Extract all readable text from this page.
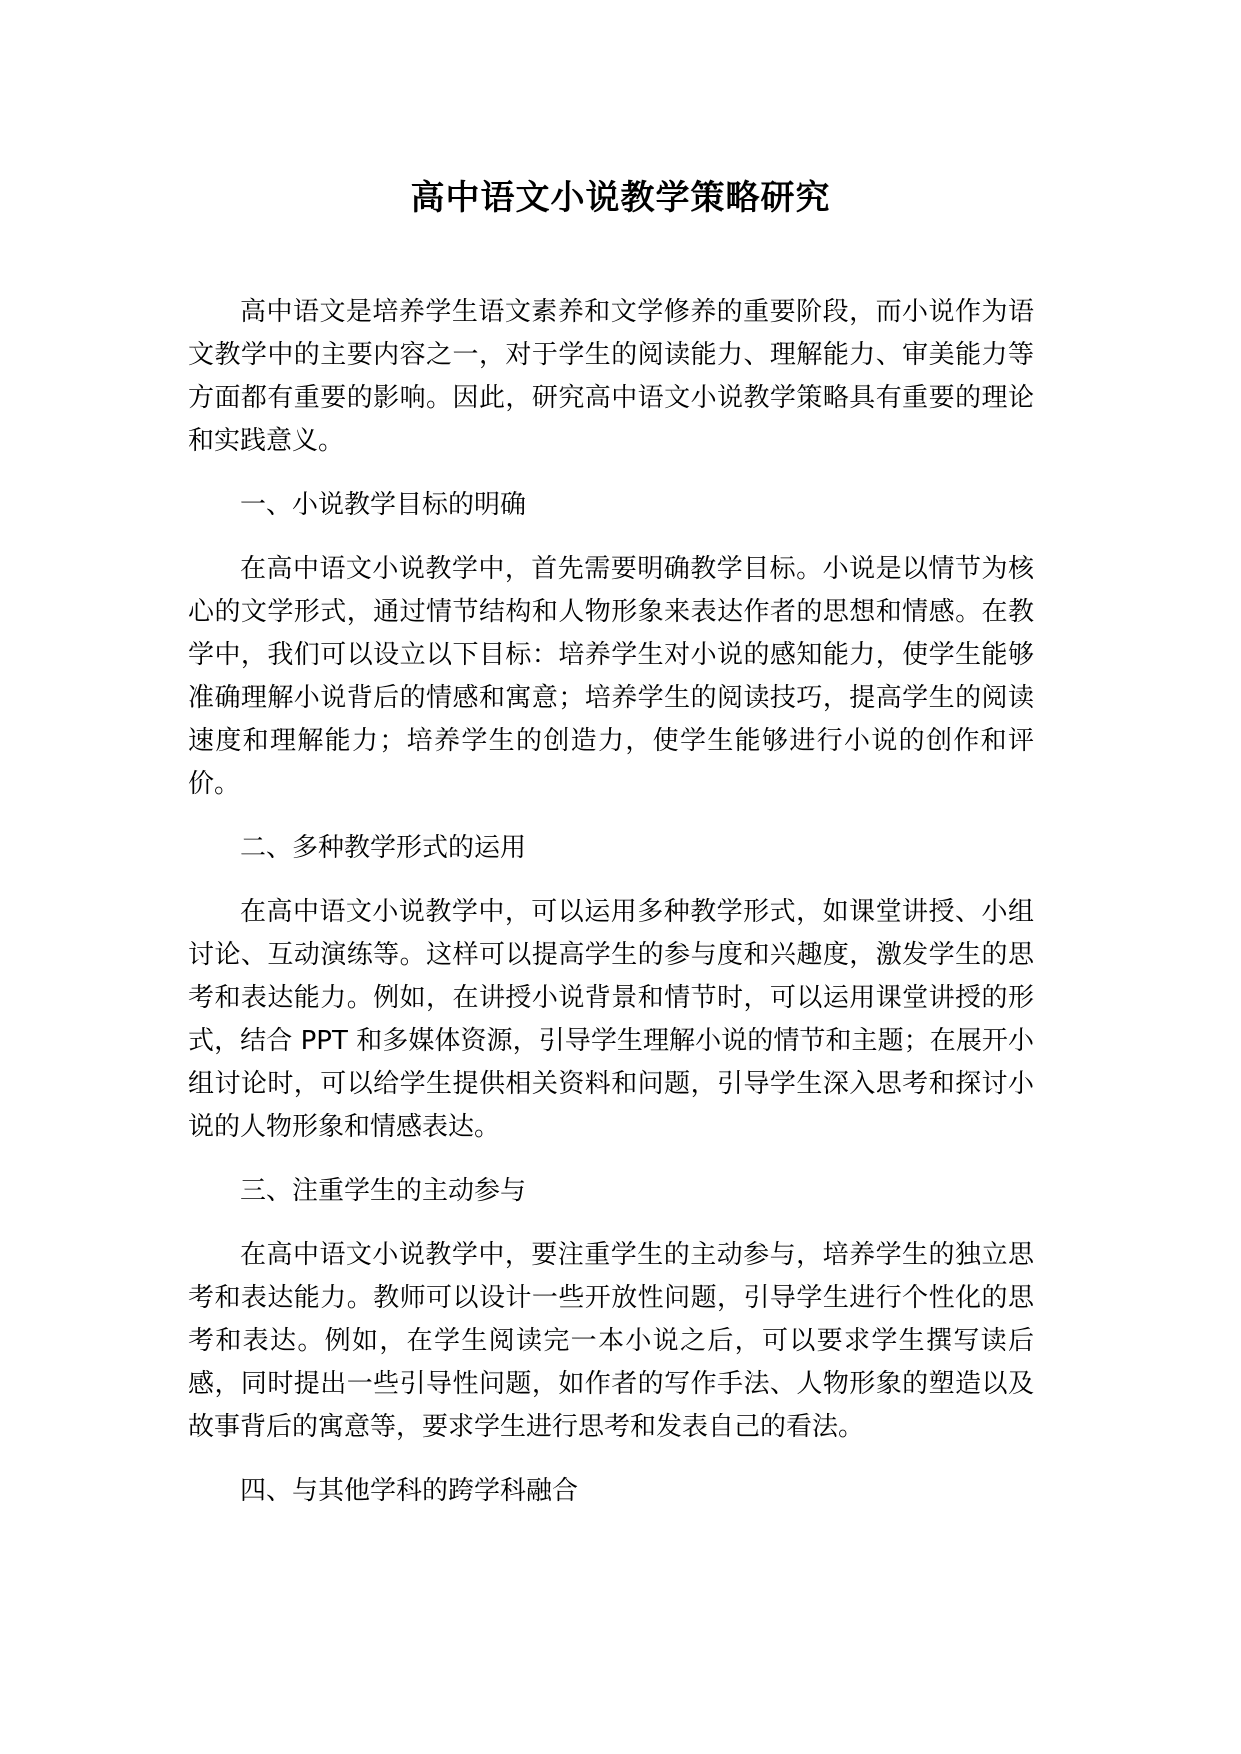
高中语文小说教学策略研究

高中语文是培养学生语文素养和文学修养的重要阶段，而小说作为语文教学中的主要内容之一，对于学生的阅读能力、理解能力、审美能力等方面都有重要的影响。因此，研究高中语文小说教学策略具有重要的理论和实践意义。

一、小说教学目标的明确

在高中语文小说教学中，首先需要明确教学目标。小说是以情节为核心的文学形式，通过情节结构和人物形象来表达作者的思想和情感。在教学中，我们可以设立以下目标：培养学生对小说的感知能力，使学生能够准确理解小说背后的情感和寓意；培养学生的阅读技巧，提高学生的阅读速度和理解能力；培养学生的创造力，使学生能够进行小说的创作和评价。

二、多种教学形式的运用

在高中语文小说教学中，可以运用多种教学形式，如课堂讲授、小组讨论、互动演练等。这样可以提高学生的参与度和兴趣度，激发学生的思考和表达能力。例如，在讲授小说背景和情节时，可以运用课堂讲授的形式，结合 PPT 和多媒体资源，引导学生理解小说的情节和主题；在展开小组讨论时，可以给学生提供相关资料和问题，引导学生深入思考和探讨小说的人物形象和情感表达。

三、注重学生的主动参与

在高中语文小说教学中，要注重学生的主动参与，培养学生的独立思考和表达能力。教师可以设计一些开放性问题，引导学生进行个性化的思考和表达。例如，在学生阅读完一本小说之后，可以要求学生撰写读后感，同时提出一些引导性问题，如作者的写作手法、人物形象的塑造以及故事背后的寓意等，要求学生进行思考和发表自己的看法。

四、与其他学科的跨学科融合
